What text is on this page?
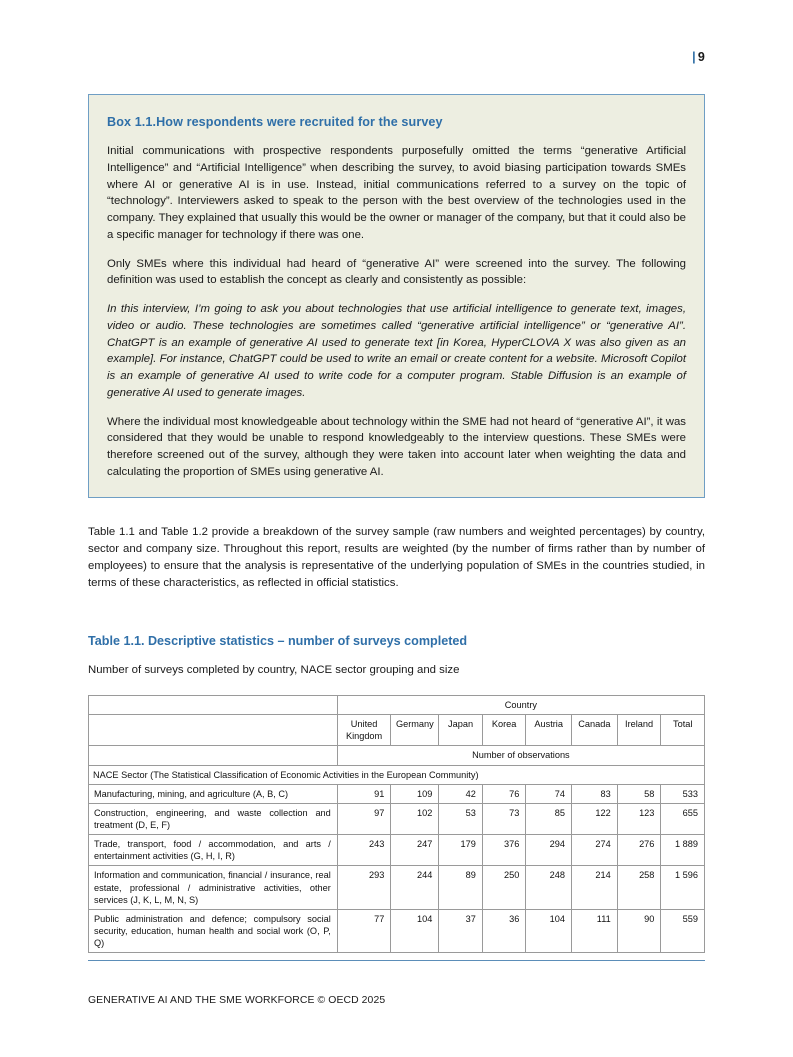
| 9
Box 1.1.How respondents were recruited for the survey

Initial communications with prospective respondents purposefully omitted the terms “generative Artificial Intelligence” and “Artificial Intelligence” when describing the survey, to avoid biasing participation towards SMEs where AI or generative AI is in use. Instead, initial communications referred to a survey on the topic of “technology”. Interviewers asked to speak to the person with the best overview of the technologies used in the company. They explained that usually this would be the owner or manager of the company, but that it could also be a specific manager for technology if there was one.

Only SMEs where this individual had heard of “generative AI” were screened into the survey. The following definition was used to establish the concept as clearly and consistently as possible:

In this interview, I’m going to ask you about technologies that use artificial intelligence to generate text, images, video or audio. These technologies are sometimes called “generative artificial intelligence” or “generative AI”. ChatGPT is an example of generative AI used to generate text [in Korea, HyperCLOVA X was also given as an example]. For instance, ChatGPT could be used to write an email or create content for a website. Microsoft Copilot is an example of generative AI used to write code for a computer program. Stable Diffusion is an example of generative AI used to generate images.

Where the individual most knowledgeable about technology within the SME had not heard of “generative AI”, it was considered that they would be unable to respond knowledgeably to the interview questions. These SMEs were therefore screened out of the survey, although they were taken into account later when weighting the data and calculating the proportion of SMEs using generative AI.

Table 1.1 and Table 1.2 provide a breakdown of the survey sample (raw numbers and weighted percentages) by country, sector and company size. Throughout this report, results are weighted (by the number of firms rather than by number of employees) to ensure that the analysis is representative of the underlying population of SMEs in the countries studied, in terms of these characteristics, as reflected in official statistics.
Table 1.1. Descriptive statistics – number of surveys completed
Number of surveys completed by country, NACE sector grouping and size
	Country							
	United Kingdom	Germany	Japan	Korea	Austria	Canada	Ireland	Total
	Number of observations							
NACE Sector (The Statistical Classification of Economic Activities in the European Community)								
Manufacturing, mining, and agriculture (A, B, C)	91	109	42	76	74	83	58	533
Construction, engineering, and waste collection and treatment (D, E, F)	97	102	53	73	85	122	123	655
Trade, transport, food / accommodation, and arts / entertainment activities (G, H, I, R)	243	247	179	376	294	274	276	1 889
Information and communication, financial / insurance, real estate, professional / administrative activities, other services (J, K, L, M, N, S)	293	244	89	250	248	214	258	1 596
Public administration and defence; compulsory social security, education, human health and social work (O, P, Q)	77	104	37	36	104	111	90	559
GENERATIVE AI AND THE SME WORKFORCE © OECD 2025
